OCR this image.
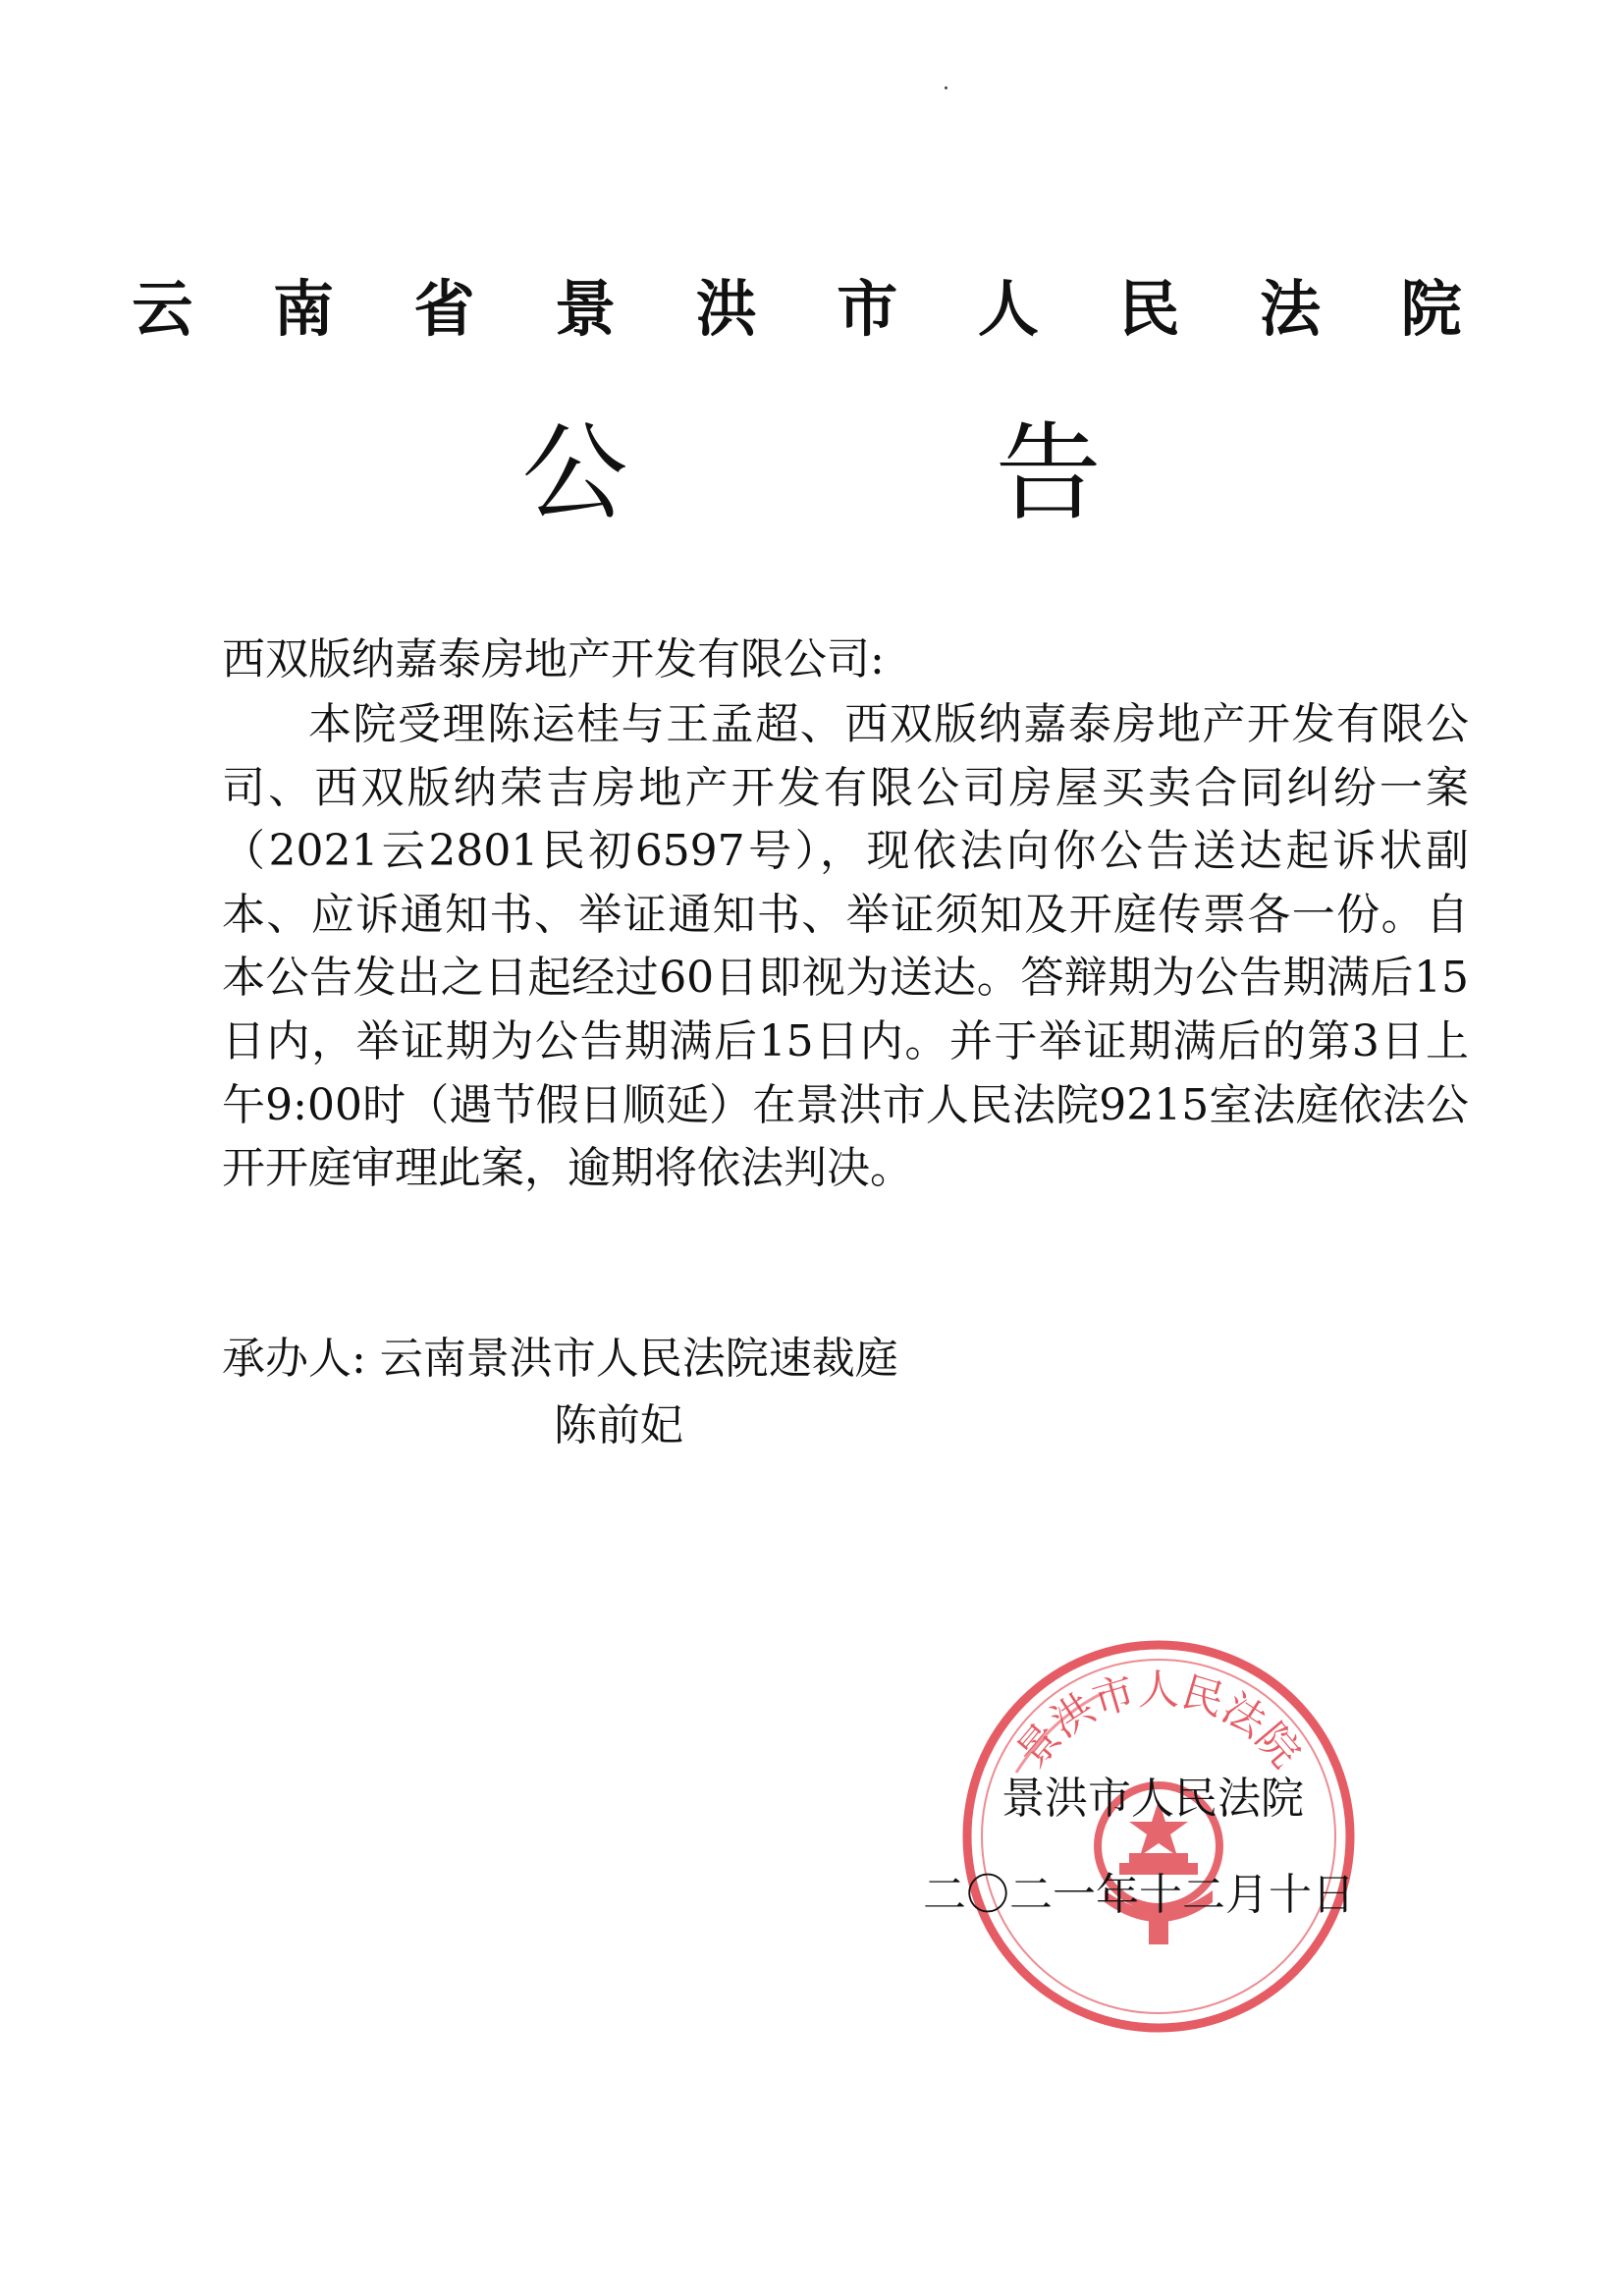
云 南 省 景 洪 市 人 民 法 院
公 告
西双版纳嘉泰房地产开发有限公司:
本院受理陈运桂与王孟超、西双版纳嘉泰房地产开发有限公司、西双版纳荣吉房地产开发有限公司房屋买卖合同纠纷一案（2021云2801民初6597号），现依法向你公告送达起诉状副本、应诉通知书、举证通知书、举证须知及开庭传票各一份。自本公告发出之日起经过60日即视为送达。答辩期为公告期满后15日内，举证期为公告期满后15日内。并于举证期满后的第3日上午9:00时（遇节假日顺延）在景洪市人民法院9215室法庭依法公开开庭审理此案，逾期将依法判决。
承办人: 云南景洪市人民法院速裁庭
陈前妃
景洪市人民法院
景洪市人民法院
二〇二一年十二月十日
